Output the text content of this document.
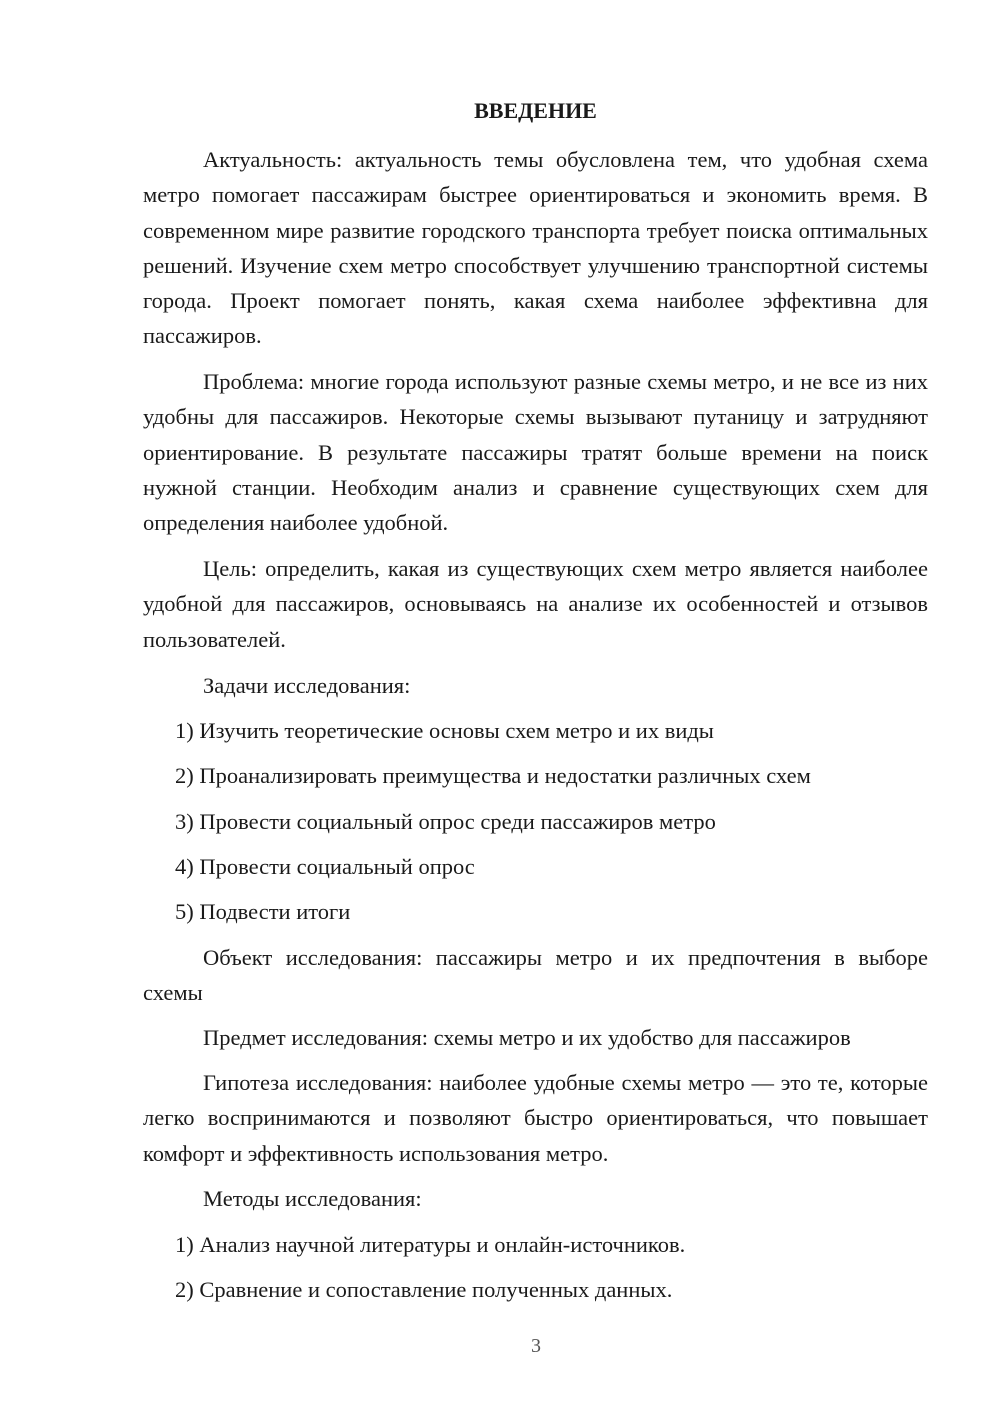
ВВЕДЕНИЕ

Актуальность: актуальность темы обусловлена тем, что удобная схема метро помогает пассажирам быстрее ориентироваться и экономить время. В современном мире развитие городского транспорта требует поиска оптимальных решений. Изучение схем метро способствует улучшению транспортной системы города. Проект помогает понять, какая схема наиболее эффективна для пассажиров.

Проблема: многие города используют разные схемы метро, и не все из них удобны для пассажиров. Некоторые схемы вызывают путаницу и затрудняют ориентирование. В результате пассажиры тратят больше времени на поиск нужной станции. Необходим анализ и сравнение существующих схем для определения наиболее удобной.

Цель: определить, какая из существующих схем метро является наиболее удобной для пассажиров, основываясь на анализе их особенностей и отзывов пользователей.

Задачи исследования:

1) Изучить теоретические основы схем метро и их виды

2) Проанализировать преимущества и недостатки различных схем

3) Провести социальный опрос среди пассажиров метро

4) Провести социальный опрос

5) Подвести итоги

Объект исследования: пассажиры метро и их предпочтения в выборе схемы

Предмет исследования: схемы метро и их удобство для пассажиров

Гипотеза исследования: наиболее удобные схемы метро — это те, которые легко воспринимаются и позволяют быстро ориентироваться, что повышает комфорт и эффективность использования метро.

Методы исследования:

1) Анализ научной литературы и онлайн-источников.

2) Сравнение и сопоставление полученных данных.

3
